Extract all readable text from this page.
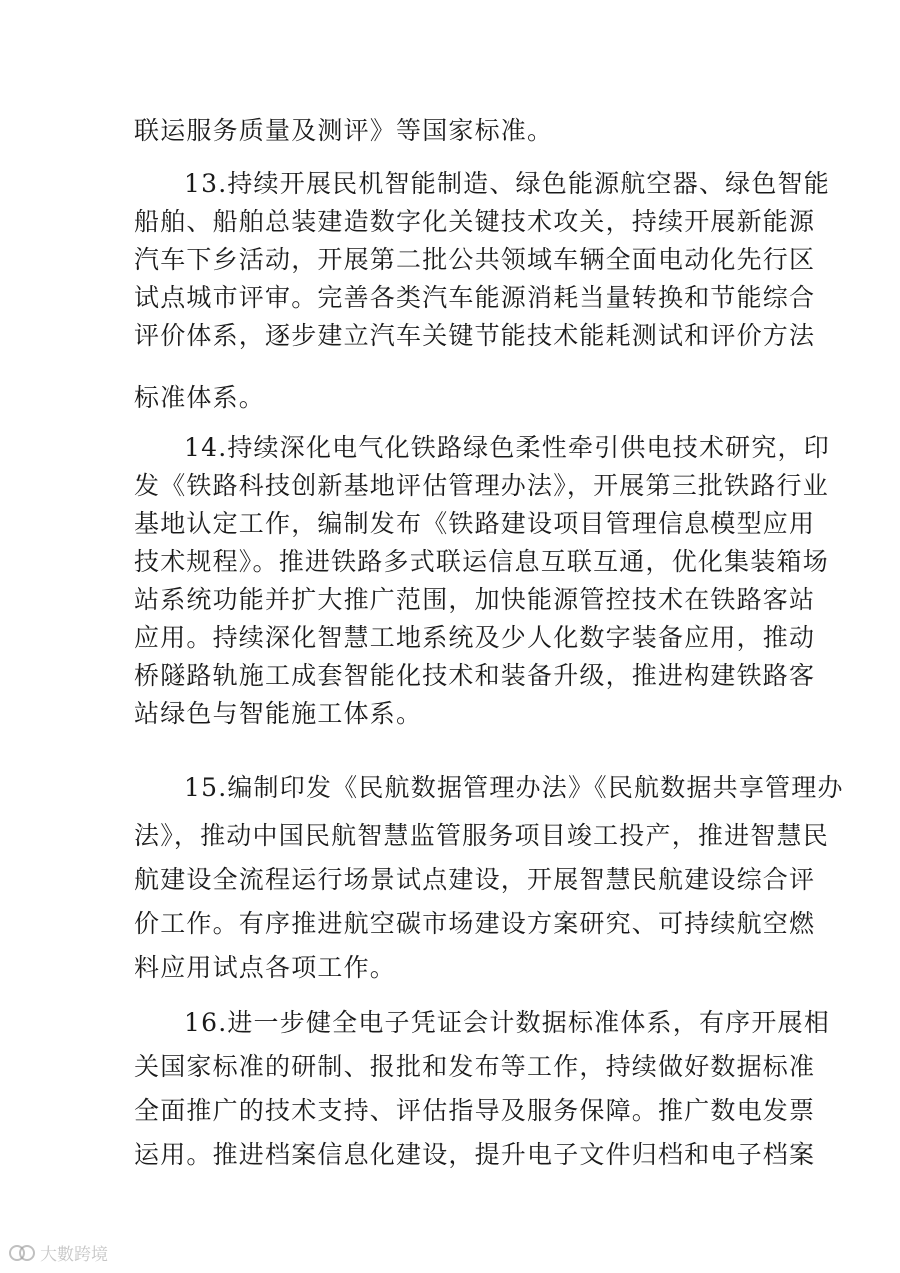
联运服务质量及测评》等国家标准。
13.持续开展民机智能制造、绿色能源航空器、绿色智能
船舶、船舶总装建造数字化关键技术攻关，持续开展新能源
汽车下乡活动，开展第二批公共领域车辆全面电动化先行区
试点城市评审。完善各类汽车能源消耗当量转换和节能综合
评价体系，逐步建立汽车关键节能技术能耗测试和评价方法
标准体系。
14.持续深化电气化铁路绿色柔性牵引供电技术研究，印
发《铁路科技创新基地评估管理办法》，开展第三批铁路行业
基地认定工作，编制发布《铁路建设项目管理信息模型应用
技术规程》。推进铁路多式联运信息互联互通，优化集装箱场
站系统功能并扩大推广范围，加快能源管控技术在铁路客站
应用。持续深化智慧工地系统及少人化数字装备应用，推动
桥隧路轨施工成套智能化技术和装备升级，推进构建铁路客
站绿色与智能施工体系。
15.编制印发《民航数据管理办法》《民航数据共享管理办
法》，推动中国民航智慧监管服务项目竣工投产，推进智慧民
航建设全流程运行场景试点建设，开展智慧民航建设综合评
价工作。有序推进航空碳市场建设方案研究、可持续航空燃
料应用试点各项工作。
16.进一步健全电子凭证会计数据标准体系，有序开展相
关国家标准的研制、报批和发布等工作，持续做好数据标准
全面推广的技术支持、评估指导及服务保障。推广数电发票
运用。推进档案信息化建设，提升电子文件归档和电子档案
大數跨境
